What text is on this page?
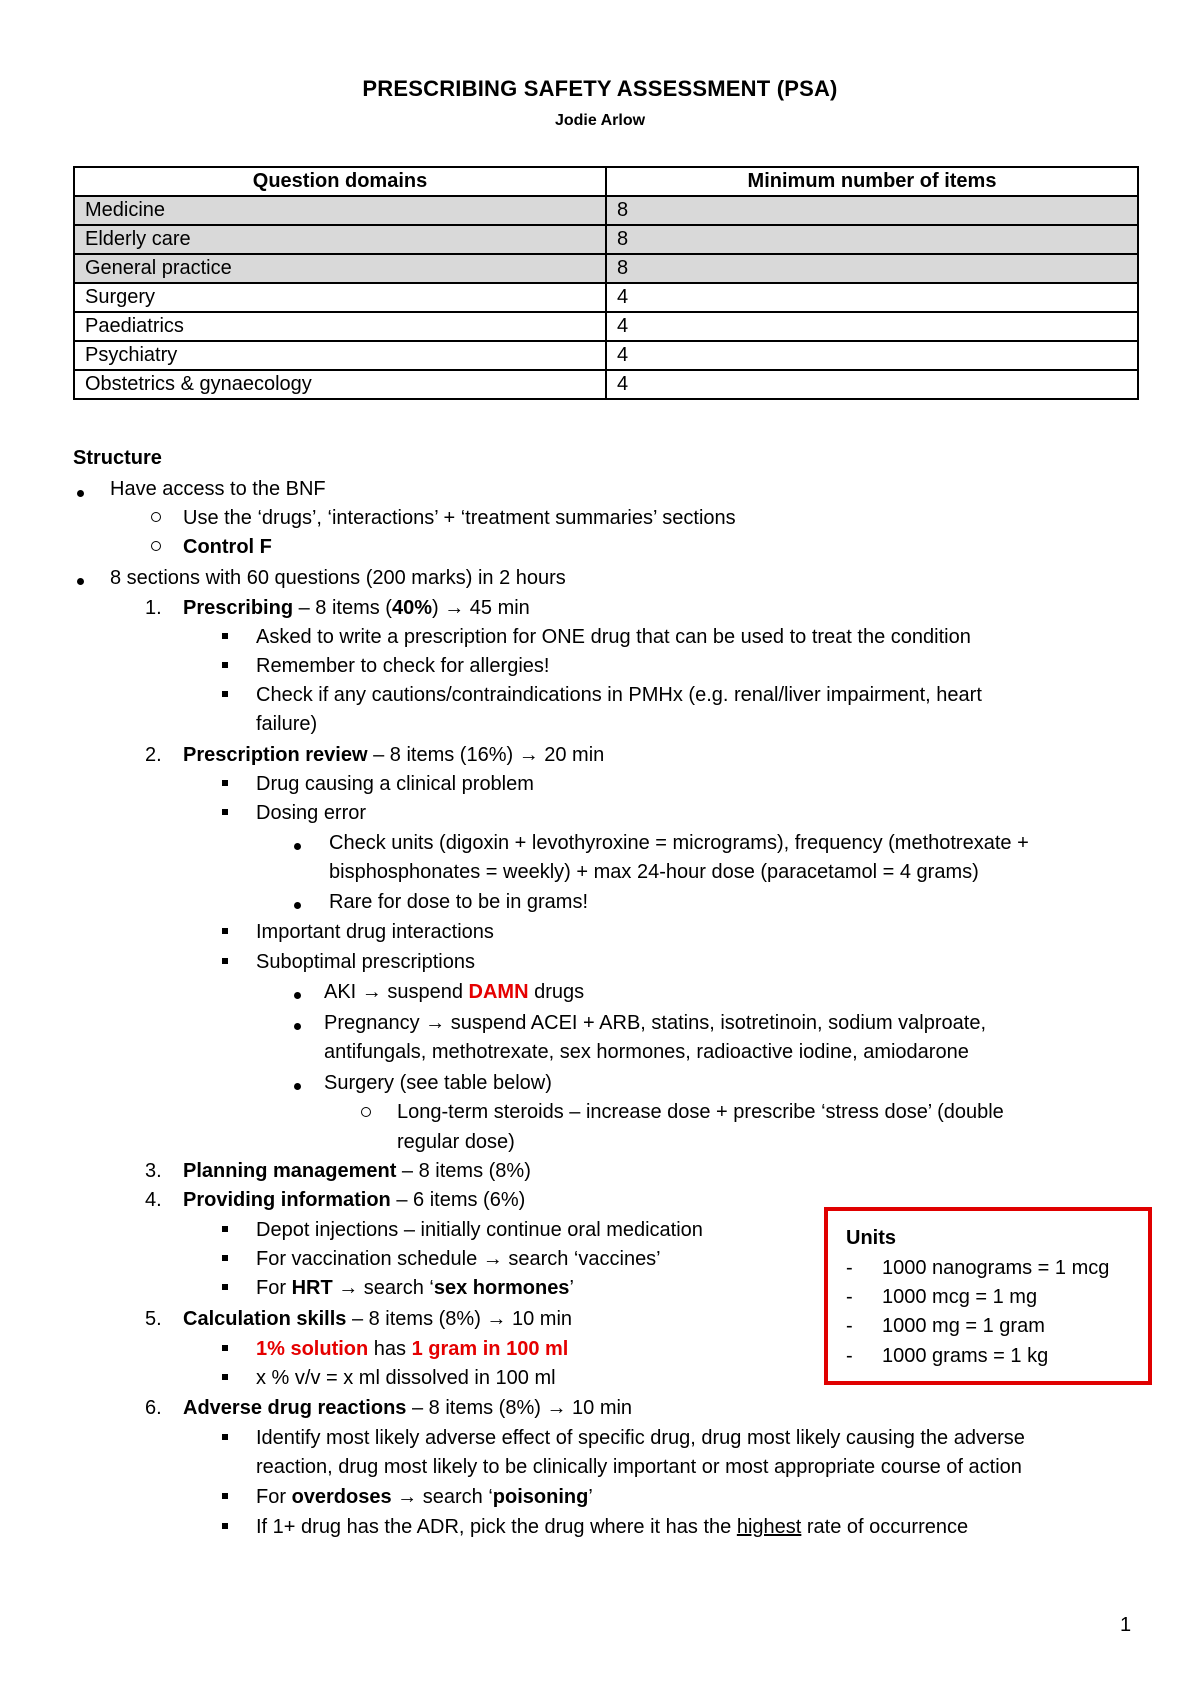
PRESCRIBING SAFETY ASSESSMENT (PSA)
Jodie Arlow
Question domains	Minimum number of items
Medicine	8
Elderly care	8
General practice	8
Surgery	4
Paediatrics	4
Psychiatry	4
Obstetrics & gynaecology	4
Structure
Have access to the BNF
Use the ‘drugs’, ‘interactions’ + ‘treatment summaries’ sections
Control F
8 sections with 60 questions (200 marks) in 2 hours
1. Prescribing – 8 items (40%) → 45 min
Asked to write a prescription for ONE drug that can be used to treat the condition
Remember to check for allergies!
Check if any cautions/contraindications in PMHx (e.g. renal/liver impairment, heart
failure)
2. Prescription review – 8 items (16%) → 20 min
Drug causing a clinical problem
Dosing error
Check units (digoxin + levothyroxine = micrograms), frequency (methotrexate +
bisphosphonates = weekly) + max 24-hour dose (paracetamol = 4 grams)
Rare for dose to be in grams!
Important drug interactions
Suboptimal prescriptions
AKI → suspend DAMN drugs
Pregnancy → suspend ACEI + ARB, statins, isotretinoin, sodium valproate,
antifungals, methotrexate, sex hormones, radioactive iodine, amiodarone
Surgery (see table below)
Long-term steroids – increase dose + prescribe ‘stress dose’ (double
regular dose)
3. Planning management – 8 items (8%)
4. Providing information – 6 items (6%)
Depot injections – initially continue oral medication
For vaccination schedule → search ‘vaccines’
For HRT → search ‘sex hormones’
5. Calculation skills – 8 items (8%) → 10 min
1% solution has 1 gram in 100 ml
x % v/v = x ml dissolved in 100 ml
6. Adverse drug reactions – 8 items (8%) → 10 min
Identify most likely adverse effect of specific drug, drug most likely causing the adverse
reaction, drug most likely to be clinically important or most appropriate course of action
For overdoses → search ‘poisoning’
If 1+ drug has the ADR, pick the drug where it has the highest rate of occurrence
Units
- 1000 nanograms = 1 mcg
- 1000 mcg = 1 mg
- 1000 mg = 1 gram
- 1000 grams = 1 kg
1
